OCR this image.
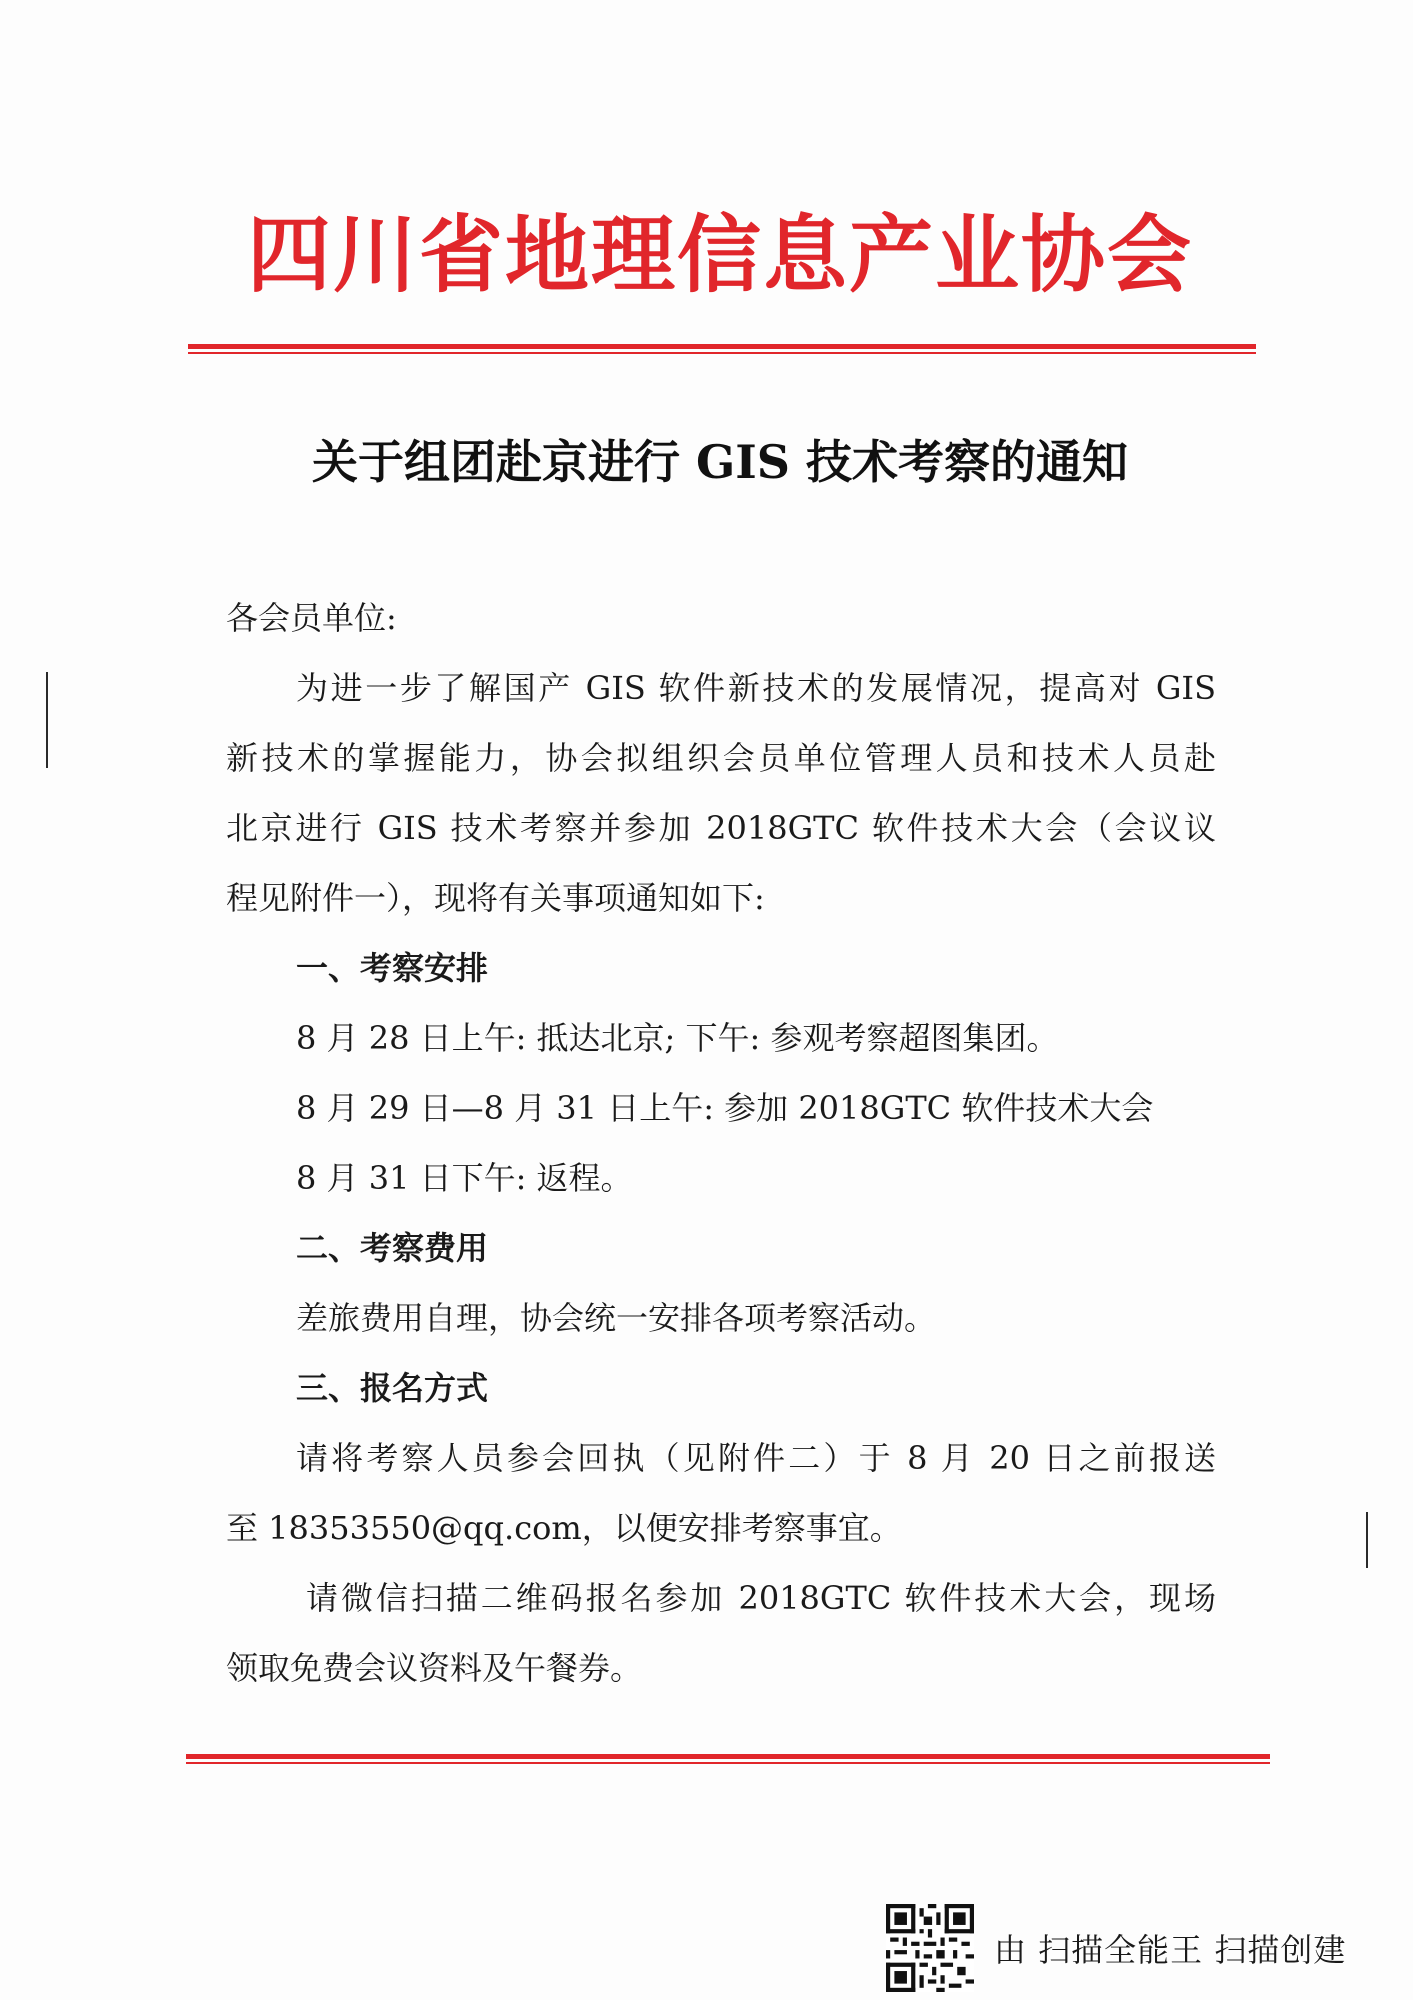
四川省地理信息产业协会
关于组团赴京进行 GIS 技术考察的通知
各会员单位:
为进一步了解国产 GIS 软件新技术的发展情况，提高对 GIS
新技术的掌握能力，协会拟组织会员单位管理人员和技术人员赴
北京进行 GIS 技术考察并参加 2018GTC 软件技术大会（会议议
程见附件一），现将有关事项通知如下:
一、考察安排
8 月 28 日上午: 抵达北京; 下午: 参观考察超图集团。
8 月 29 日—8 月 31 日上午: 参加 2018GTC 软件技术大会
8 月 31 日下午: 返程。
二、考察费用
差旅费用自理，协会统一安排各项考察活动。
三、报名方式
请将考察人员参会回执（见附件二）于 8 月 20 日之前报送
至 18353550@qq.com，以便安排考察事宜。
请微信扫描二维码报名参加 2018GTC 软件技术大会，现场
领取免费会议资料及午餐券。
由 扫描全能王 扫描创建
